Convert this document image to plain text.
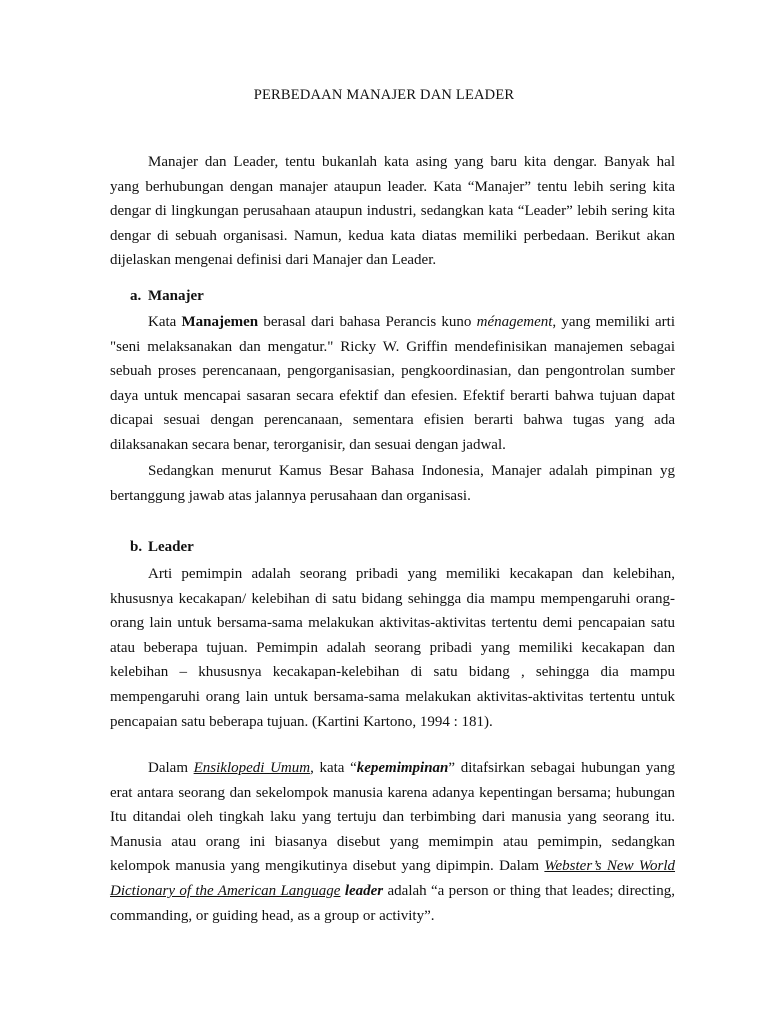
PERBEDAAN MANAJER DAN LEADER
a. Manajer
b. Leader
Manajer dan Leader, tentu bukanlah kata asing yang baru kita dengar. Banyak hal
yang berhubungan dengan manajer ataupun leader. Kata “Manajer” tentu lebih sering kita
dengar di lingkungan perusahaan ataupun industri, sedangkan kata “Leader” lebih sering kita
dengar di sebuah organisasi. Namun, kedua kata diatas memiliki perbedaan. Berikut akan
dijelaskan mengenai definisi dari Manajer dan Leader.
Kata Manajemen berasal dari bahasa Perancis kuno ménagement, yang memiliki arti
"seni melaksanakan dan mengatur." Ricky W. Griffin mendefinisikan manajemen sebagai
sebuah proses perencanaan, pengorganisasian, pengkoordinasian, dan pengontrolan sumber
daya untuk mencapai sasaran secara efektif dan efesien. Efektif berarti bahwa tujuan dapat
dicapai sesuai dengan perencanaan, sementara efisien berarti bahwa tugas yang ada
dilaksanakan secara benar, terorganisir, dan sesuai dengan jadwal.
Sedangkan menurut Kamus Besar Bahasa Indonesia, Manajer adalah pimpinan yg
bertanggung jawab atas jalannya perusahaan dan organisasi.
Arti pemimpin adalah seorang pribadi yang memiliki kecakapan dan kelebihan,
khususnya kecakapan/ kelebihan di satu bidang sehingga dia mampu mempengaruhi orang-
orang lain untuk bersama-sama melakukan aktivitas-aktivitas tertentu demi pencapaian satu
atau beberapa tujuan. Pemimpin adalah seorang pribadi yang memiliki kecakapan dan
kelebihan – khususnya kecakapan-kelebihan di satu bidang , sehingga dia mampu
mempengaruhi orang lain untuk bersama-sama melakukan aktivitas-aktivitas tertentu untuk
pencapaian satu beberapa tujuan. (Kartini Kartono, 1994 : 181).
Dalam Ensiklopedi Umum, kata “kepemimpinan” ditafsirkan sebagai hubungan yang
erat antara seorang dan sekelompok manusia karena adanya kepentingan bersama; hubungan
Itu ditandai oleh tingkah laku yang tertuju dan terbimbing dari manusia yang seorang itu.
Manusia atau orang ini biasanya disebut yang memimpin atau pemimpin, sedangkan
kelompok manusia yang mengikutinya disebut yang dipimpin. Dalam Webster’s New World
Dictionary of the American Language leader adalah “a person or thing that leades; directing,
commanding, or guiding head, as a group or activity”.
